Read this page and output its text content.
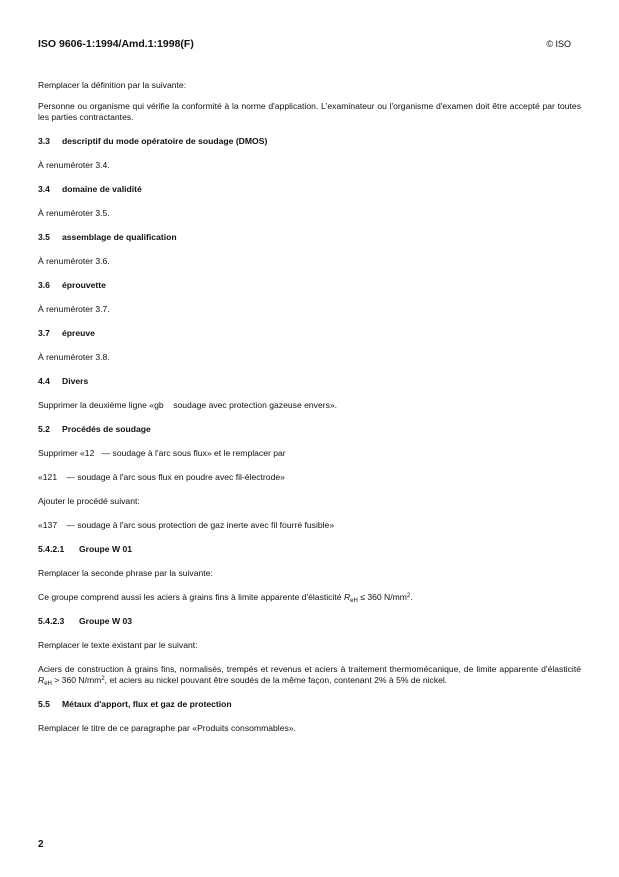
ISO 9606-1:1994/Amd.1:1998(F)	© ISO

Remplacer la définition par la suivante:

Personne ou organisme qui vérifie la conformité à la norme d'application. L'examinateur ou l'organisme d'examen doit être accepté par toutes les parties contractantes.

3.3 descriptif du mode opératoire de soudage (DMOS)

À renuméroter 3.4.

3.4 domaine de validité

À renuméroter 3.5.

3.5 assemblage de qualification

À renuméroter 3.6.

3.6 éprouvette

À renuméroter 3.7.

3.7 épreuve

À renuméroter 3.8.

4.4 Divers

Supprimer la deuxième ligne «gb soudage avec protection gazeuse envers».

5.2 Procédés de soudage

Supprimer «12 — soudage à l'arc sous flux» et le remplacer par

«121 — soudage à l'arc sous flux en poudre avec fil-électrode»

Ajouter le procédé suivant:

«137 — soudage à l'arc sous protection de gaz inerte avec fil fourré fusible»

5.4.2.1 Groupe W 01

Remplacer la seconde phrase par la suivante:

Ce groupe comprend aussi les aciers à grains fins à limite apparente d'élasticité $R_{eH} \le 360$ $N/mm^2$.

5.4.2.3 Groupe W 03

Remplacer le texte existant par le suivant:

Aciers de construction à grains fins, normalisés, trempés et revenus et aciers à traitement thermomécanique, de limite apparente d'élasticité $R_{eH} > 360$ $N/mm^2$, et aciers au nickel pouvant être soudés de la même façon, contenant 2% à 5% de nickel.

5.5 Métaux d'apport, flux et gaz de protection

Remplacer le titre de ce paragraphe par «Produits consommables».

2
